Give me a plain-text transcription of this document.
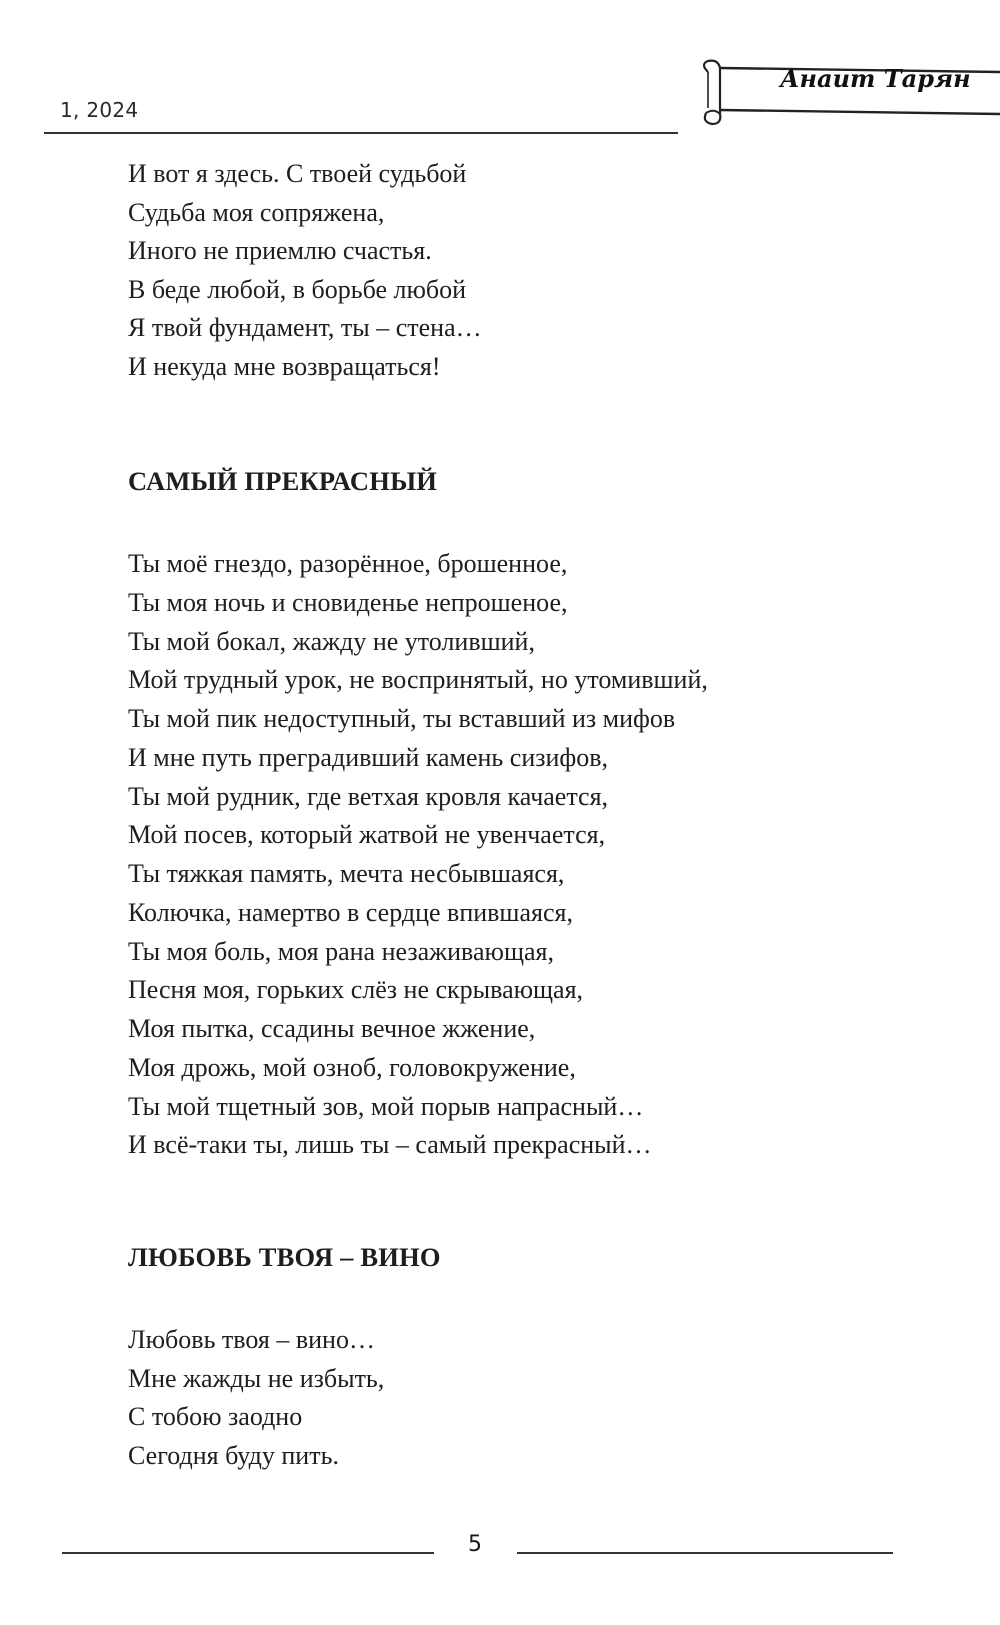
1, 2024
Анаит Тарян
И вот я здесь. С твоей судьбой
Судьба моя сопряжена,
Иного не приемлю счастья.
В беде любой, в борьбе любой
Я твой фундамент, ты – стена…
И некуда мне возвращаться!
САМЫЙ ПРЕКРАСНЫЙ
Ты моё гнездо, разорённое, брошенное,
Ты моя ночь и сновиденье непрошеное,
Ты мой бокал, жажду не утоливший,
Мой трудный урок, не воспринятый, но утомивший,
Ты мой пик недоступный, ты вставший из мифов
И мне путь преградивший камень сизифов,
Ты мой рудник, где ветхая кровля качается,
Мой посев, который жатвой не увенчается,
Ты тяжкая память, мечта несбывшаяся,
Колючка, намертво в сердце впившаяся,
Ты моя боль, моя рана незаживающая,
Песня моя, горьких слёз не скрывающая,
Моя пытка, ссадины вечное жжение,
Моя дрожь, мой озноб, головокружение,
Ты мой тщетный зов, мой порыв напрасный…
И всё-таки ты, лишь ты – самый прекрасный…
ЛЮБОВЬ ТВОЯ – ВИНО
Любовь твоя – вино…
Мне жажды не избыть,
С тобою заодно
Сегодня буду пить.
5
